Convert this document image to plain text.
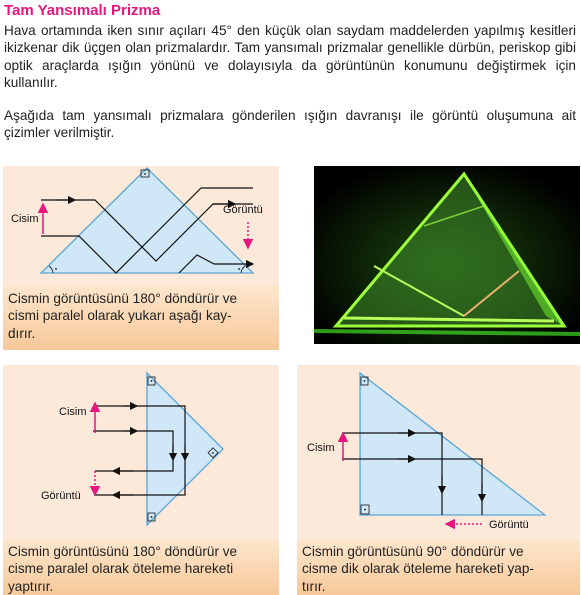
Tam Yansımalı Prizma
Hava ortamında iken sınır açıları 45° den küçük olan saydam maddelerden yapılmış kesitleri ikizkenar dik üçgen olan prizmalardır. Tam yansımalı prizmalar genellikle dürbün, periskop gibi optik araçlarda ışığın yönünü ve dolayısıyla da görüntünün konumunu değiştirmek için kullanılır.
Aşağıda tam yansımalı prizmalara gönderilen ışığın davranışı ile görüntü oluşumuna ait çizimler verilmiştir.
Cisim
Görüntü
Cismin görüntüsünü 180° döndürür ve
cismi paralel olarak yukarı aşağı kay-
dırır.
Cisim
Görüntü
Cismin görüntüsünü 180° döndürür ve
cisme paralel olarak öteleme hareketi
yaptırır.
Cisim
Görüntü
Cismin görüntüsünü 90° döndürür ve
cisme dik olarak öteleme hareketi yap-
tırır.
